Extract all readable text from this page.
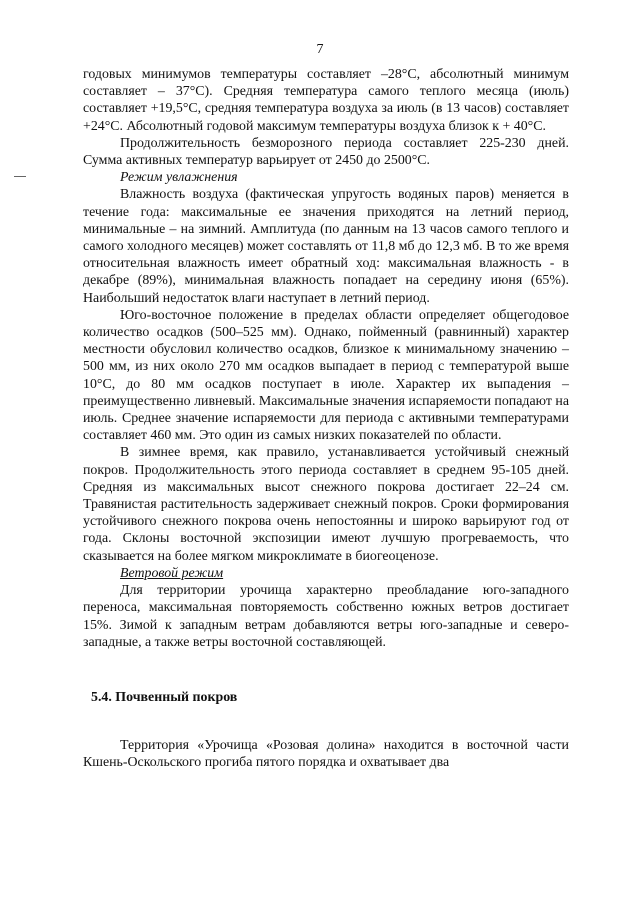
7

годовых минимумов температуры составляет –28°С, абсолютный минимум составляет – 37°С). Средняя температура самого теплого месяца (июль) составляет +19,5°С, средняя температура воздуха за июль (в 13 часов) составляет +24°С. Абсолютный годовой максимум температуры воздуха близок к + 40°С.

Продолжительность безморозного периода составляет 225-230 дней. Сумма активных температур варьирует от 2450 до 2500°С.

Режим увлажнения

Влажность воздуха (фактическая упругость водяных паров) меняется в течение года: максимальные ее значения приходятся на летний период, минимальные – на зимний. Амплитуда (по данным на 13 часов самого теплого и самого холодного месяцев) может составлять от 11,8 мб до 12,3 мб. В то же время относительная влажность имеет обратный ход: максимальная влажность - в декабре (89%), минимальная влажность попадает на середину июня (65%). Наибольший недостаток влаги наступает в летний период.

Юго-восточное положение в пределах области определяет общегодовое количество осадков (500–525 мм). Однако, пойменный (равнинный) характер местности обусловил количество осадков, близкое к минимальному значению – 500 мм, из них около 270 мм осадков выпадает в период с температурой выше 10°С, до 80 мм осадков поступает в июле. Характер их выпадения – преимущественно ливневый. Максимальные значения испаряемости попадают на июль. Среднее значение испаряемости для периода с активными температурами составляет 460 мм. Это один из самых низких показателей по области.

В зимнее время, как правило, устанавливается устойчивый снежный покров. Продолжительность этого периода составляет в среднем 95-105 дней. Средняя из максимальных высот снежного покрова достигает 22–24 см. Травянистая растительность задерживает снежный покров. Сроки формирования устойчивого снежного покрова очень непостоянны и широко варьируют год от года. Склоны восточной экспозиции имеют лучшую прогреваемость, что сказывается на более мягком микроклимате в биогеоценозе.

Ветровой режим

Для территории урочища характерно преобладание юго-западного переноса, максимальная повторяемость собственно южных ветров достигает 15%. Зимой к западным ветрам добавляются ветры юго-западные и северо-западные, а также ветры восточной составляющей.

5.4. Почвенный покров

Территория «Урочища «Розовая долина» находится в восточной части Кшень-Оскольского прогиба пятого порядка и охватывает два
